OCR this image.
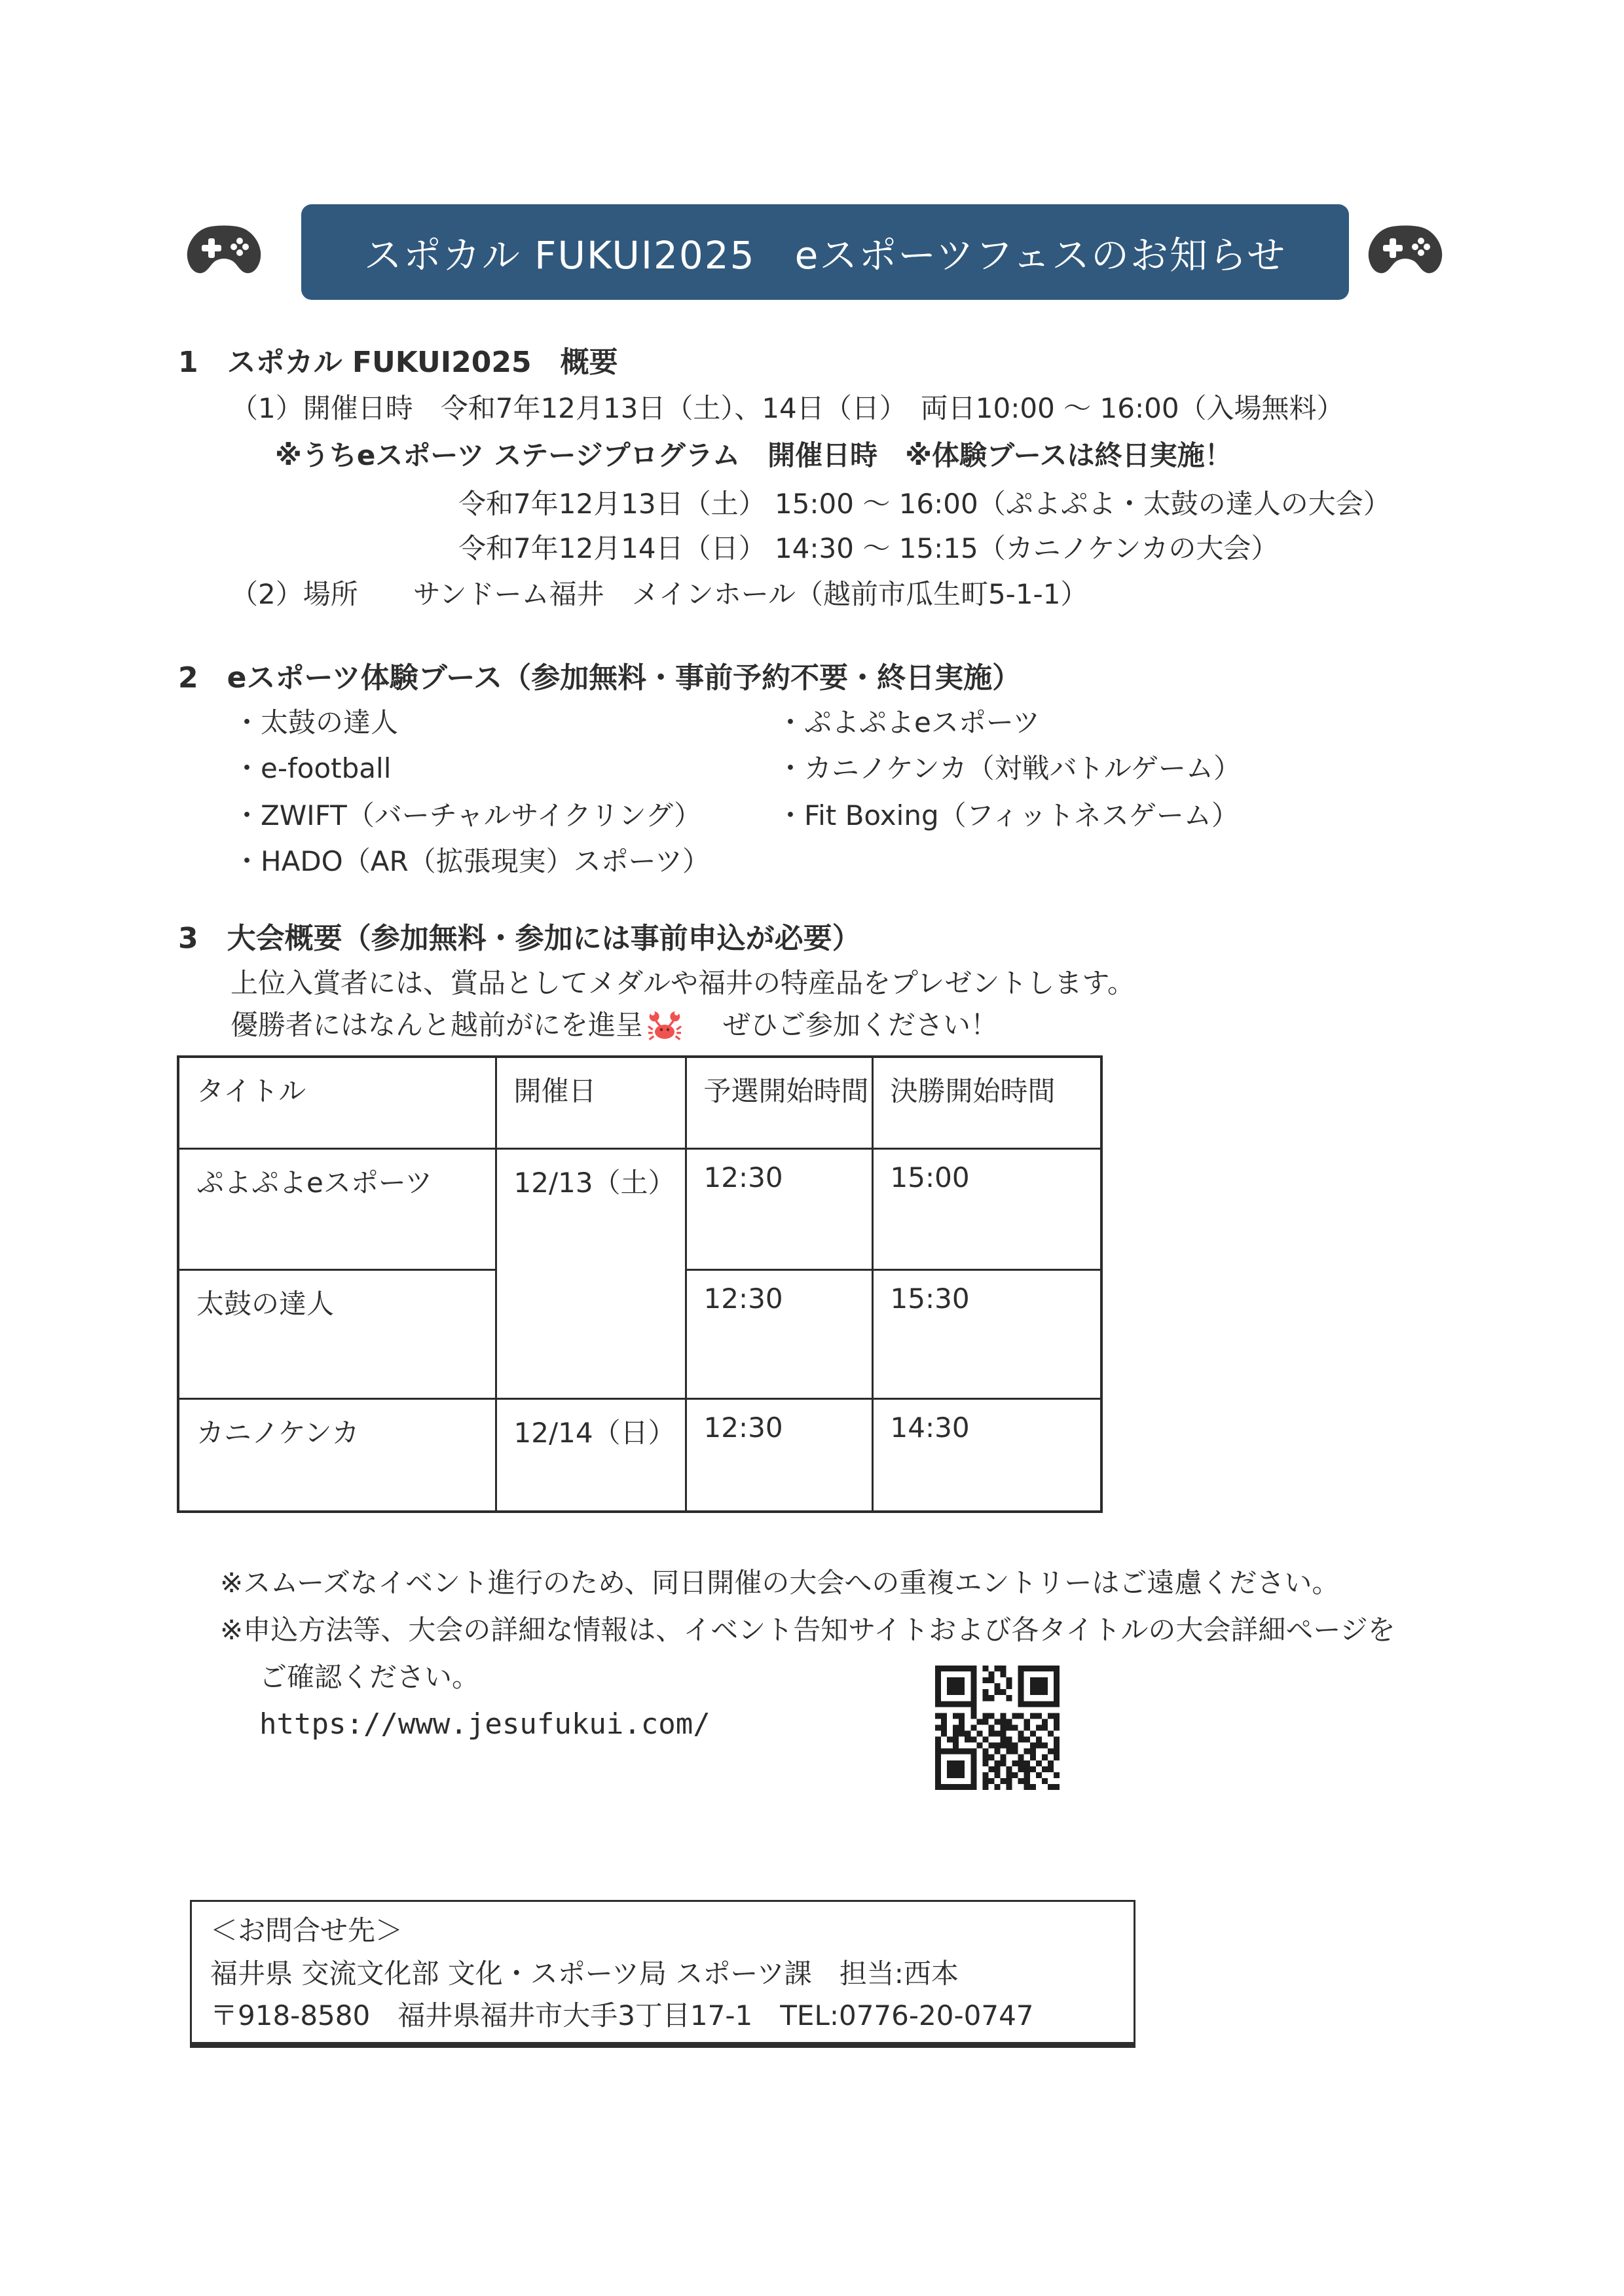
スポカル FUKUI2025　eスポーツフェスのお知らせ
1　スポカル FUKUI2025　概要
（1）開催日時　令和7年12月13日（土）、14日（日）　両日10:00 ～ 16:00（入場無料）
※うちeスポーツ ステージプログラム　開催日時　※体験ブースは終日実施！
令和7年12月13日（土） 15:00 ～ 16:00（ぷよぷよ・太鼓の達人の大会）
令和7年12月14日（日） 14:30 ～ 15:15（カニノケンカの大会）
（2）場所　　サンドーム福井　メインホール（越前市瓜生町5-1-1）
2　eスポーツ体験ブース（参加無料・事前予約不要・終日実施）
・太鼓の達人
・e-football
・ZWIFT（バーチャルサイクリング）
・HADO（AR（拡張現実）スポーツ）
・ぷよぷよeスポーツ
・カニノケンカ（対戦バトルゲーム）
・Fit Boxing（フィットネスゲーム）
3　大会概要（参加無料・参加には事前申込が必要）
上位入賞者には、賞品としてメダルや福井の特産品をプレゼントします。
優勝者にはなんと越前がにを進呈	ぜひご参加ください！
タイトル	開催日	予選開始時間	決勝開始時間
ぷよぷよeスポーツ	12/13（土）	12:30	15:00
太鼓の達人		12:30	15:30
カニノケンカ	12/14（日）	12:30	14:30
※スムーズなイベント進行のため、同日開催の大会への重複エントリーはご遠慮ください。
※申込方法等、大会の詳細な情報は、イベント告知サイトおよび各タイトルの大会詳細ページを
ご確認ください。
https://www.jesufukui.com/
＜お問合せ先＞
福井県 交流文化部 文化・スポーツ局 スポーツ課　担当:西本
〒918-8580　福井県福井市大手3丁目17-1　TEL:0776-20-0747
